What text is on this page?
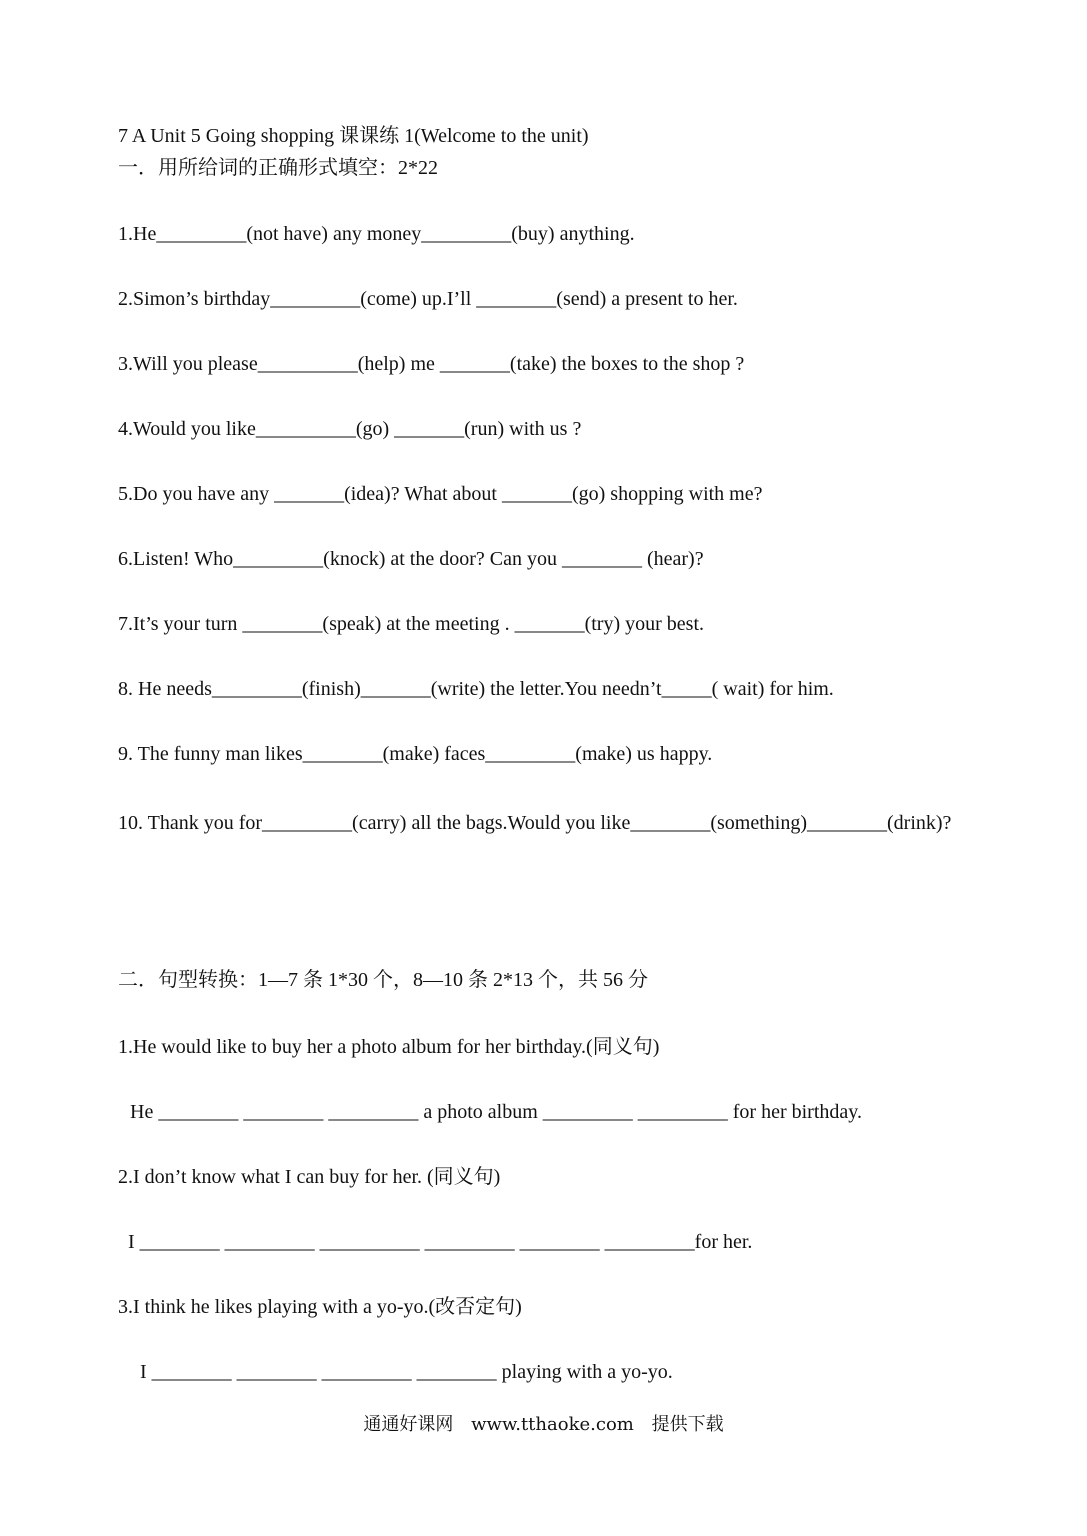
7 A Unit 5 Going shopping 课课练 1(Welcome to the unit)
一．用所给词的正确形式填空：2*22
1.He_________(not have) any money_________(buy) anything.
2.Simon’s birthday_________(come) up.I’ll ________(send) a present to her.
3.Will you please__________(help) me _______(take) the boxes to the shop ?
4.Would you like__________(go) _______(run) with us ?
5.Do you have any _______(idea)? What about _______(go) shopping with me?
6.Listen! Who_________(knock) at the door? Can you ________ (hear)?
7.It’s your turn ________(speak) at the meeting . _______(try) your best.
8. He needs_________(finish)_______(write) the letter.You needn’t_____( wait) for him.
9. The funny man likes________(make) faces_________(make) us happy.
10. Thank you for_________(carry) all the bags.Would you like________(something)________(drink)?
二．句型转换：1—7 条 1*30 个，8—10 条 2*13 个，共 56 分
1.He would like to buy her a photo album for her birthday.(同义句)
He ________ ________ _________ a photo album _________ _________ for her birthday.
2.I don’t know what I can buy for her. (同义句)
I ________ _________ __________ _________ ________ _________for her.
3.I think he likes playing with a yo-yo.(改否定句)
I ________ ________ _________ ________ playing with a yo-yo.
通通好课网 www.tthaoke.com 提供下载
